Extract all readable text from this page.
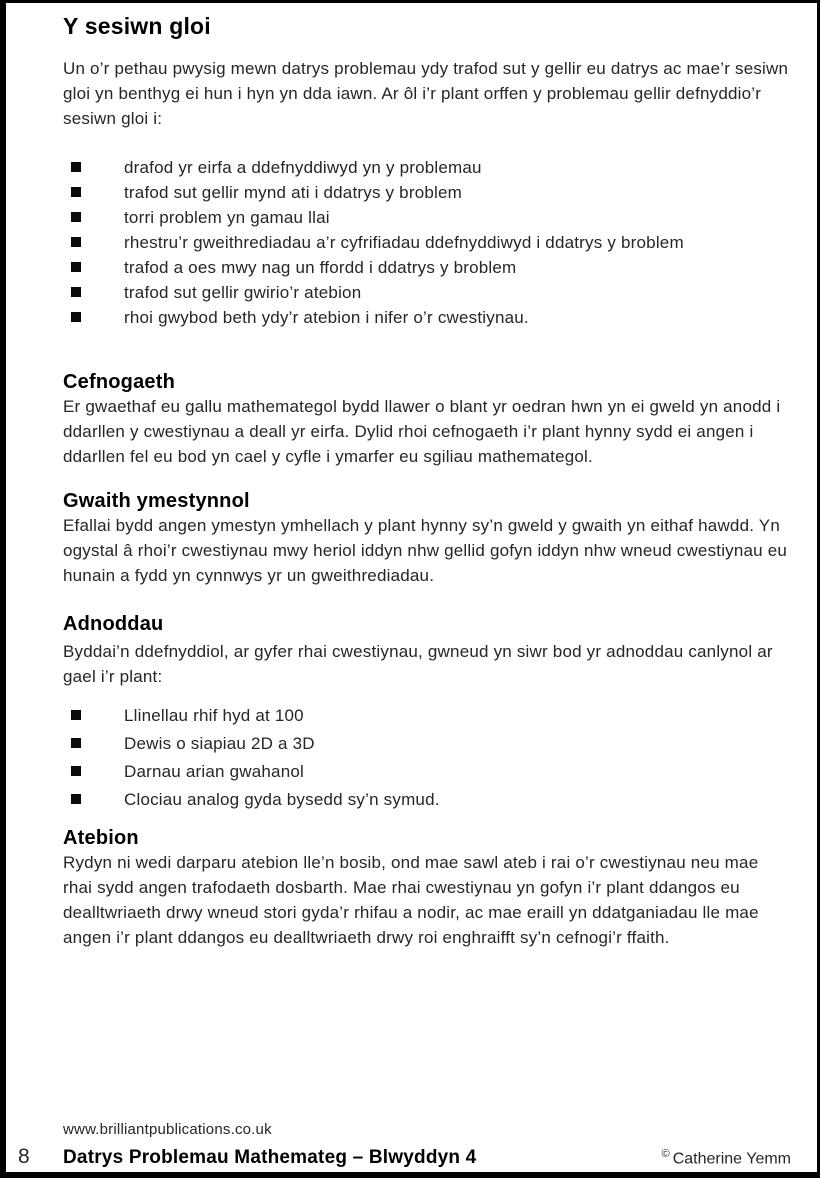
Y sesiwn gloi

Un o’r pethau pwysig mewn datrys problemau ydy trafod sut y gellir eu datrys ac mae’r sesiwn gloi yn benthyg ei hun i hyn yn dda iawn. Ar ôl i’r plant orffen y problemau gellir defnyddio’r sesiwn gloi i:

drafod yr eirfa a ddefnyddiwyd yn y problemau
trafod sut gellir mynd ati i ddatrys y broblem
torri problem yn gamau llai
rhestru’r gweithrediadau a’r cyfrifiadau ddefnyddiwyd i ddatrys y broblem
trafod a oes mwy nag un ffordd i ddatrys y broblem
trafod sut gellir gwirio’r atebion
rhoi gwybod beth ydy’r atebion i nifer o’r cwestiynau.
Cefnogaeth

Er gwaethaf eu gallu mathemategol bydd llawer o blant yr oedran hwn yn ei gweld yn anodd i ddarllen y cwestiynau a deall yr eirfa. Dylid rhoi cefnogaeth i’r plant hynny sydd ei angen i ddarllen fel eu bod yn cael y cyfle i ymarfer eu sgiliau mathemategol.

Gwaith ymestynnol

Efallai bydd angen ymestyn ymhellach y plant hynny sy’n gweld y gwaith yn eithaf hawdd. Yn ogystal â rhoi’r cwestiynau mwy heriol iddyn nhw gellid gofyn iddyn nhw wneud cwestiynau eu hunain a fydd yn cynnwys yr un gweithrediadau.

Adnoddau

Byddai’n ddefnyddiol, ar gyfer rhai cwestiynau, gwneud yn siwr bod yr adnoddau canlynol ar gael i’r plant:

Llinellau rhif hyd at 100
Dewis o siapiau 2D a 3D
Darnau arian gwahanol
Clociau analog gyda bysedd sy’n symud.
Atebion

Rydyn ni wedi darparu atebion lle’n bosib, ond mae sawl ateb i rai o’r cwestiynau neu mae rhai sydd angen trafodaeth dosbarth. Mae rhai cwestiynau yn gofyn i’r plant ddangos eu dealltwriaeth drwy wneud stori gyda’r rhifau a nodir, ac mae eraill yn ddatganiadau lle mae angen i’r plant ddangos eu dealltwriaeth drwy roi enghraifft sy’n cefnogi’r ffaith.

www.brilliantpublications.co.uk
8	Datrys Problemau Mathemateg – Blwyddyn 4	© Catherine Yemm
